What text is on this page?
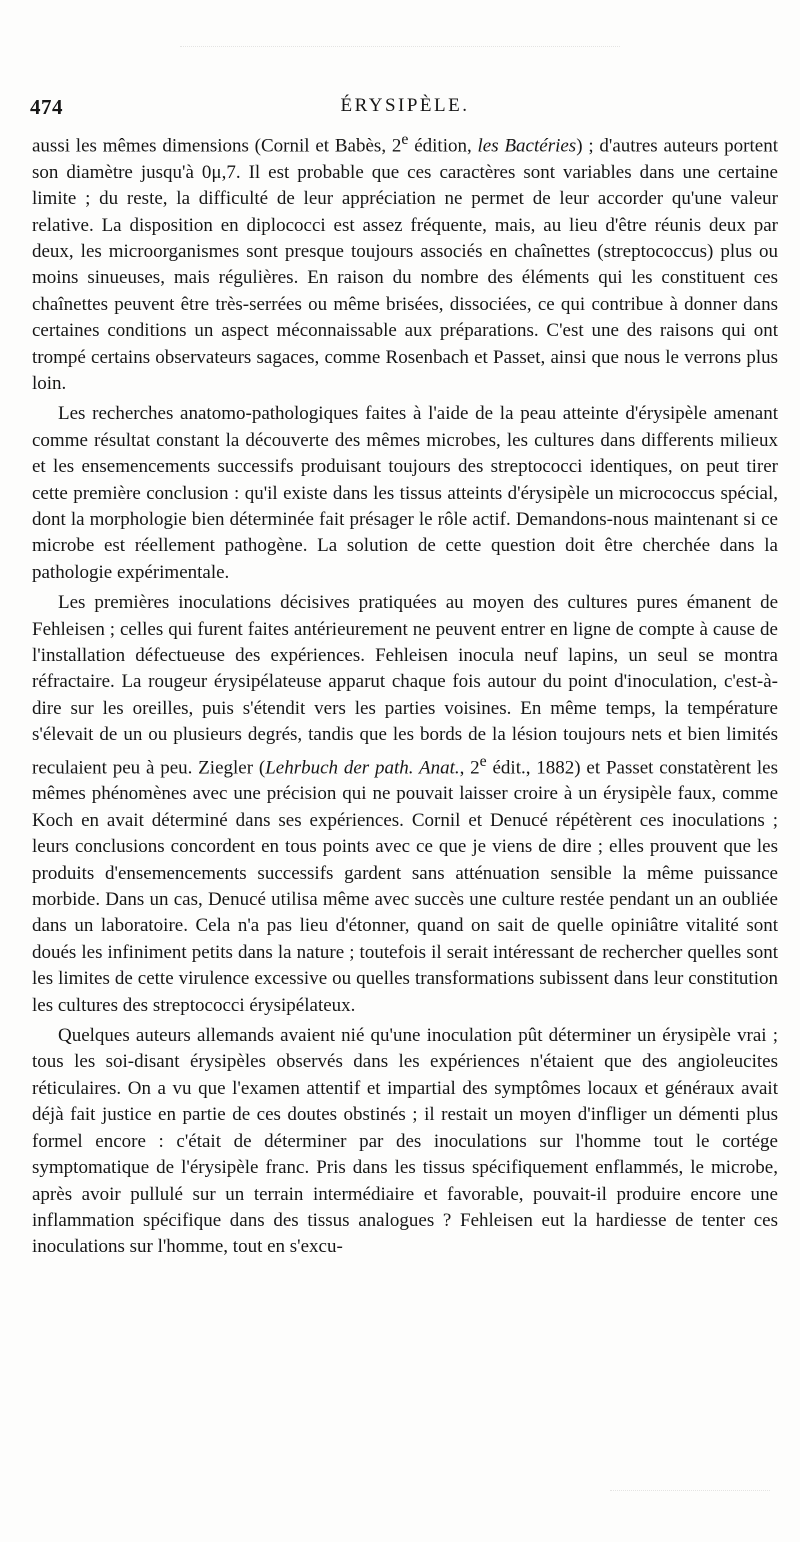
474	ÉRYSIPÈLE.

aussi les mêmes dimensions (Cornil et Babès, 2e édition, les Bactéries) ; d'autres auteurs portent son diamètre jusqu'à 0μ,7. Il est probable que ces caractères sont variables dans une certaine limite ; du reste, la difficulté de leur appréciation ne permet de leur accorder qu'une valeur relative. La disposition en diplococci est assez fréquente, mais, au lieu d'être réunis deux par deux, les microorganismes sont presque toujours associés en chaînettes (streptococcus) plus ou moins sinueuses, mais régulières. En raison du nombre des éléments qui les constituent ces chaînettes peuvent être très-serrées ou même brisées, dissociées, ce qui contribue à donner dans certaines conditions un aspect méconnaissable aux préparations. C'est une des raisons qui ont trompé certains observateurs sagaces, comme Rosenbach et Passet, ainsi que nous le verrons plus loin.

Les recherches anatomo-pathologiques faites à l'aide de la peau atteinte d'érysipèle amenant comme résultat constant la découverte des mêmes microbes, les cultures dans differents milieux et les ensemencements successifs produisant toujours des streptococci identiques, on peut tirer cette première conclusion : qu'il existe dans les tissus atteints d'érysipèle un micrococcus spécial, dont la morphologie bien déterminée fait présager le rôle actif. Demandons-nous maintenant si ce microbe est réellement pathogène. La solution de cette question doit être cherchée dans la pathologie expérimentale.

Les premières inoculations décisives pratiquées au moyen des cultures pures émanent de Fehleisen ; celles qui furent faites antérieurement ne peuvent entrer en ligne de compte à cause de l'installation défectueuse des expériences. Fehleisen inocula neuf lapins, un seul se montra réfractaire. La rougeur érysipélateuse apparut chaque fois autour du point d'inoculation, c'est-à-dire sur les oreilles, puis s'étendit vers les parties voisines. En même temps, la température s'élevait de un ou plusieurs degrés, tandis que les bords de la lésion toujours nets et bien limités reculaient peu à peu. Ziegler (Lehrbuch der path. Anat., 2e édit., 1882) et Passet constatèrent les mêmes phénomènes avec une précision qui ne pouvait laisser croire à un érysipèle faux, comme Koch en avait déterminé dans ses expériences. Cornil et Denucé répétèrent ces inoculations ; leurs conclusions concordent en tous points avec ce que je viens de dire ; elles prouvent que les produits d'ensemencements successifs gardent sans atténuation sensible la même puissance morbide. Dans un cas, Denucé utilisa même avec succès une culture restée pendant un an oubliée dans un laboratoire. Cela n'a pas lieu d'étonner, quand on sait de quelle opiniâtre vitalité sont doués les infiniment petits dans la nature ; toutefois il serait intéressant de rechercher quelles sont les limites de cette virulence excessive ou quelles transformations subissent dans leur constitution les cultures des streptococci érysipélateux.

Quelques auteurs allemands avaient nié qu'une inoculation pût déterminer un érysipèle vrai ; tous les soi-disant érysipèles observés dans les expériences n'étaient que des angioleucites réticulaires. On a vu que l'examen attentif et impartial des symptômes locaux et généraux avait déjà fait justice en partie de ces doutes obstinés ; il restait un moyen d'infliger un démenti plus formel encore : c'était de déterminer par des inoculations sur l'homme tout le cortége symptomatique de l'érysipèle franc. Pris dans les tissus spécifiquement enflammés, le microbe, après avoir pullulé sur un terrain intermédiaire et favorable, pouvait-il produire encore une inflammation spécifique dans des tissus analogues ? Fehleisen eut la hardiesse de tenter ces inoculations sur l'homme, tout en s'excu-
